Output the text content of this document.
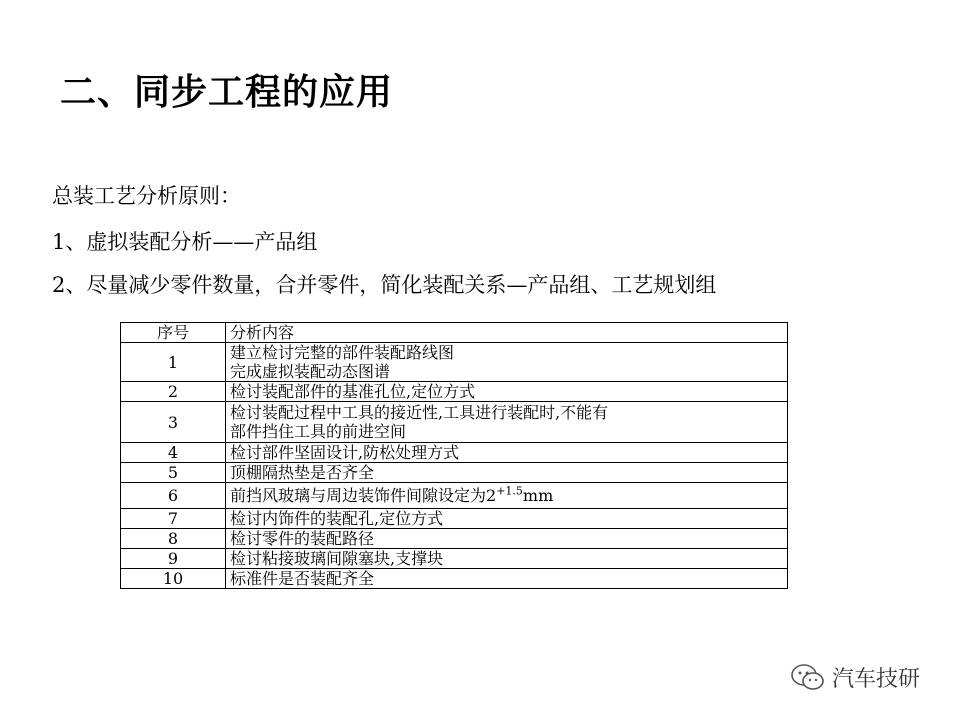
二、同步工程的应用
总装工艺分析原则：
1、虚拟装配分析——产品组
2、尽量减少零件数量，合并零件，简化装配关系—产品组、工艺规划组
序号	分析内容
1	建立检讨完整的部件装配路线图
完成虚拟装配动态图谱

2	检讨装配部件的基准孔位,定位方式
3	检讨装配过程中工具的接近性,工具进行装配时,不能有
部件挡住工具的前进空间

4	检讨部件坚固设计,防松处理方式
5	顶棚隔热垫是否齐全
6	前挡风玻璃与周边装饰件间隙设定为$2^{+1.5}mm$
7	检讨内饰件的装配孔,定位方式
8	检讨零件的装配路径
9	检讨粘接玻璃间隙塞块,支撑块
10	标准件是否装配齐全
汽车技研
